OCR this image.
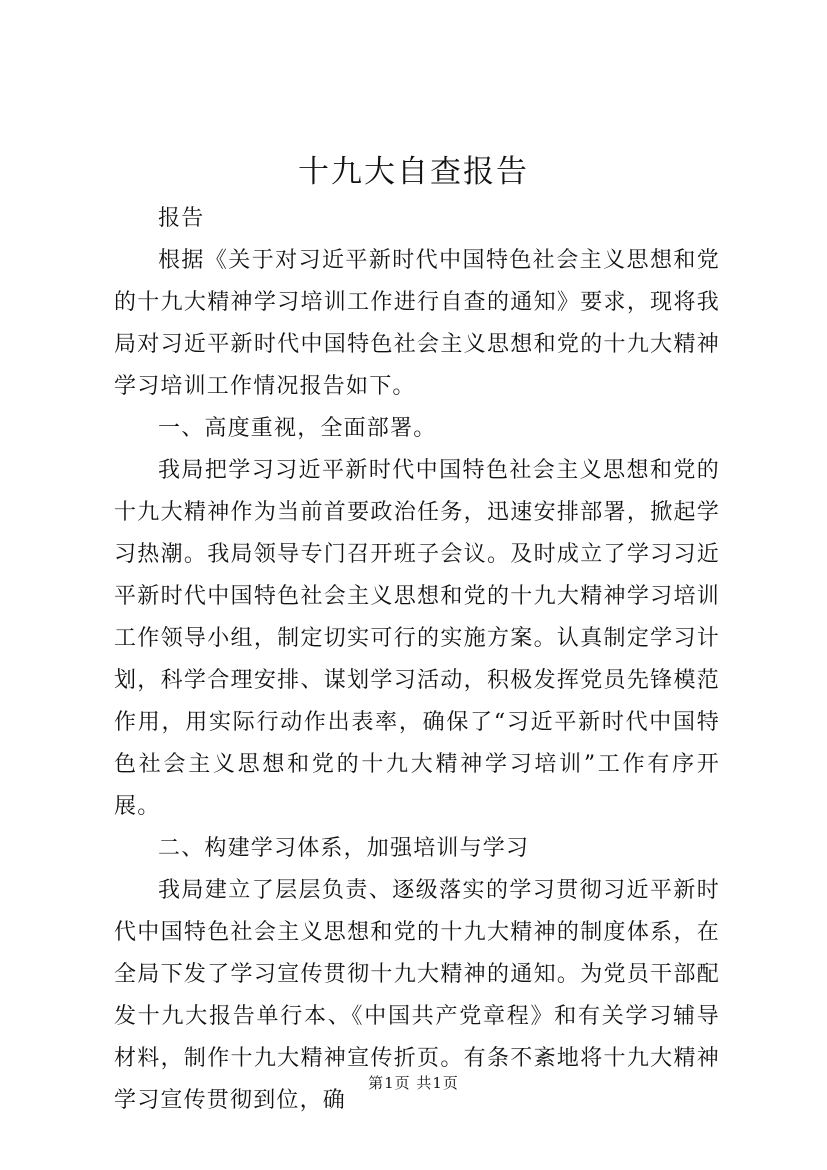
十九大自查报告

报告

根据《关于对习近平新时代中国特色社会主义思想和党的十九大精神学习培训工作进行自查的通知》要求，现将我局对习近平新时代中国特色社会主义思想和党的十九大精神学习培训工作情况报告如下。

一、高度重视，全面部署。

我局把学习习近平新时代中国特色社会主义思想和党的十九大精神作为当前首要政治任务，迅速安排部署，掀起学习热潮。我局领导专门召开班子会议。及时成立了学习习近平新时代中国特色社会主义思想和党的十九大精神学习培训工作领导小组，制定切实可行的实施方案。认真制定学习计划，科学合理安排、谋划学习活动，积极发挥党员先锋模范作用，用实际行动作出表率，确保了“习近平新时代中国特色社会主义思想和党的十九大精神学习培训”工作有序开展。

二、构建学习体系，加强培训与学习

我局建立了层层负责、逐级落实的学习贯彻习近平新时代中国特色社会主义思想和党的十九大精神的制度体系，在全局下发了学习宣传贯彻十九大精神的通知。为党员干部配发十九大报告单行本、《中国共产党章程》和有关学习辅导材料，制作十九大精神宣传折页。有条不紊地将十九大精神学习宣传贯彻到位，确

第1页 共1页
